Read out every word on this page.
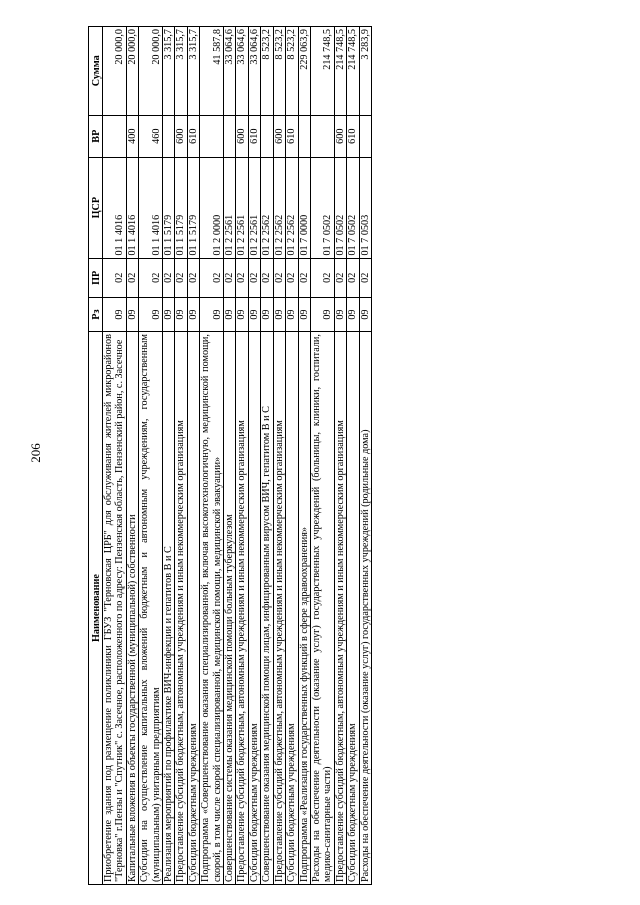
206
Наименование	Рз	ПР	ЦСР	ВР	Сумма
Приобретение здания под размещение поликлиники ГБУЗ "Терновская ЦРБ" для обслуживания жителей микрорайонов "Терновка" г.Пензы и "Спутник" с. Засечное, расположенного по адресу: Пензенская область, Пензенский район, с. Засечное	09	02	01 1 4016		20 000,0
Капитальные вложения в объекты государственной (муниципальной) собственности	09	02	01 1 4016	400	20 000,0
Субсидии на осуществление капитальных вложений бюджетным и автономным учреждениям, государственным (муниципальным) унитарным предприятиям	09	02	01 1 4016	460	20 000,0
Реализация мероприятий по профилактике ВИЧ-инфекции и гепатитов В и С	09	02	01 1 5179		3 315,7
Предоставление субсидий бюджетным, автономным учреждениям и иным некоммерческим организациям	09	02	01 1 5179	600	3 315,7
Субсидии бюджетным учреждениям	09	02	01 1 5179	610	3 315,7
Подпрограмма «Совершенствование оказания специализированной, включая высокотехнологичную, медицинской помощи, скорой, в том числе скорой специализированной, медицинской помощи, медицинской эвакуации»	09	02	01 2 0000		41 587,8
Совершенствование системы оказания медицинской помощи больным туберкулезом	09	02	01 2 2561		33 064,6
Предоставление субсидий бюджетным, автономным учреждениям и иным некоммерческим организациям	09	02	01 2 2561	600	33 064,6
Субсидии бюджетным учреждениям	09	02	01 2 2561	610	33 064,6
Совершенствование оказания медицинской помощи лицам, инфицированным вирусом ВИЧ, гепатитом В и С	09	02	01 2 2562		8 523,2
Предоставление субсидий бюджетным, автономным учреждениям и иным некоммерческим организациям	09	02	01 2 2562	600	8 523,2
Субсидии бюджетным учреждениям	09	02	01 2 2562	610	8 523,2
Подпрограмма «Реализация государственных функций в сфере здравоохранения»	09	02	01 7 0000		229 063,9
Расходы на обеспечение деятельности (оказание услуг) государственных учреждений (больницы, клиники, госпитали, медико-санитарные части)	09	02	01 7 0502		214 748,5
Предоставление субсидий бюджетным, автономным учреждениям и иным некоммерческим организациям	09	02	01 7 0502	600	214 748,5
Субсидии бюджетным учреждениям	09	02	01 7 0502	610	214 748,5
Расходы на обеспечение деятельности (оказание услуг) государственных учреждений (родильные дома)	09	02	01 7 0503		3 283,9
